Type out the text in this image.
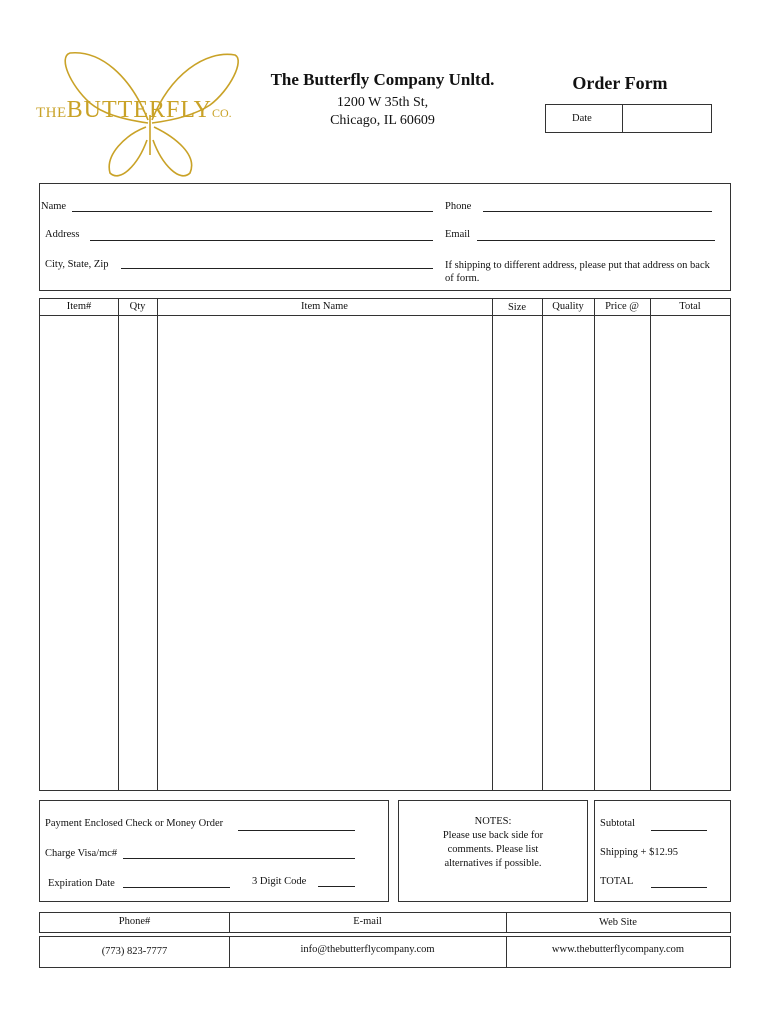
THEBUTTERFLYCO.
The Butterfly Company Unltd.
1200 W 35th St,
Chicago, IL 60609
Order Form
Date
Name	Phone
Address	Email
City, State, Zip	If shipping to different address, please put that address on back of form.
Item#	Qty	Item Name	Size	Quality	Price @	Total
Payment Enclosed Check or Money Order
Charge Visa/mc#
Expiration Date	3 Digit Code
NOTES:
Please use back side for
comments. Please list
alternatives if possible.
Subtotal
Shipping + $12.95
TOTAL
Phone#	E-mail	Web Site
(773) 823-7777	info@thebutterflycompany.com	www.thebutterflycompany.com
